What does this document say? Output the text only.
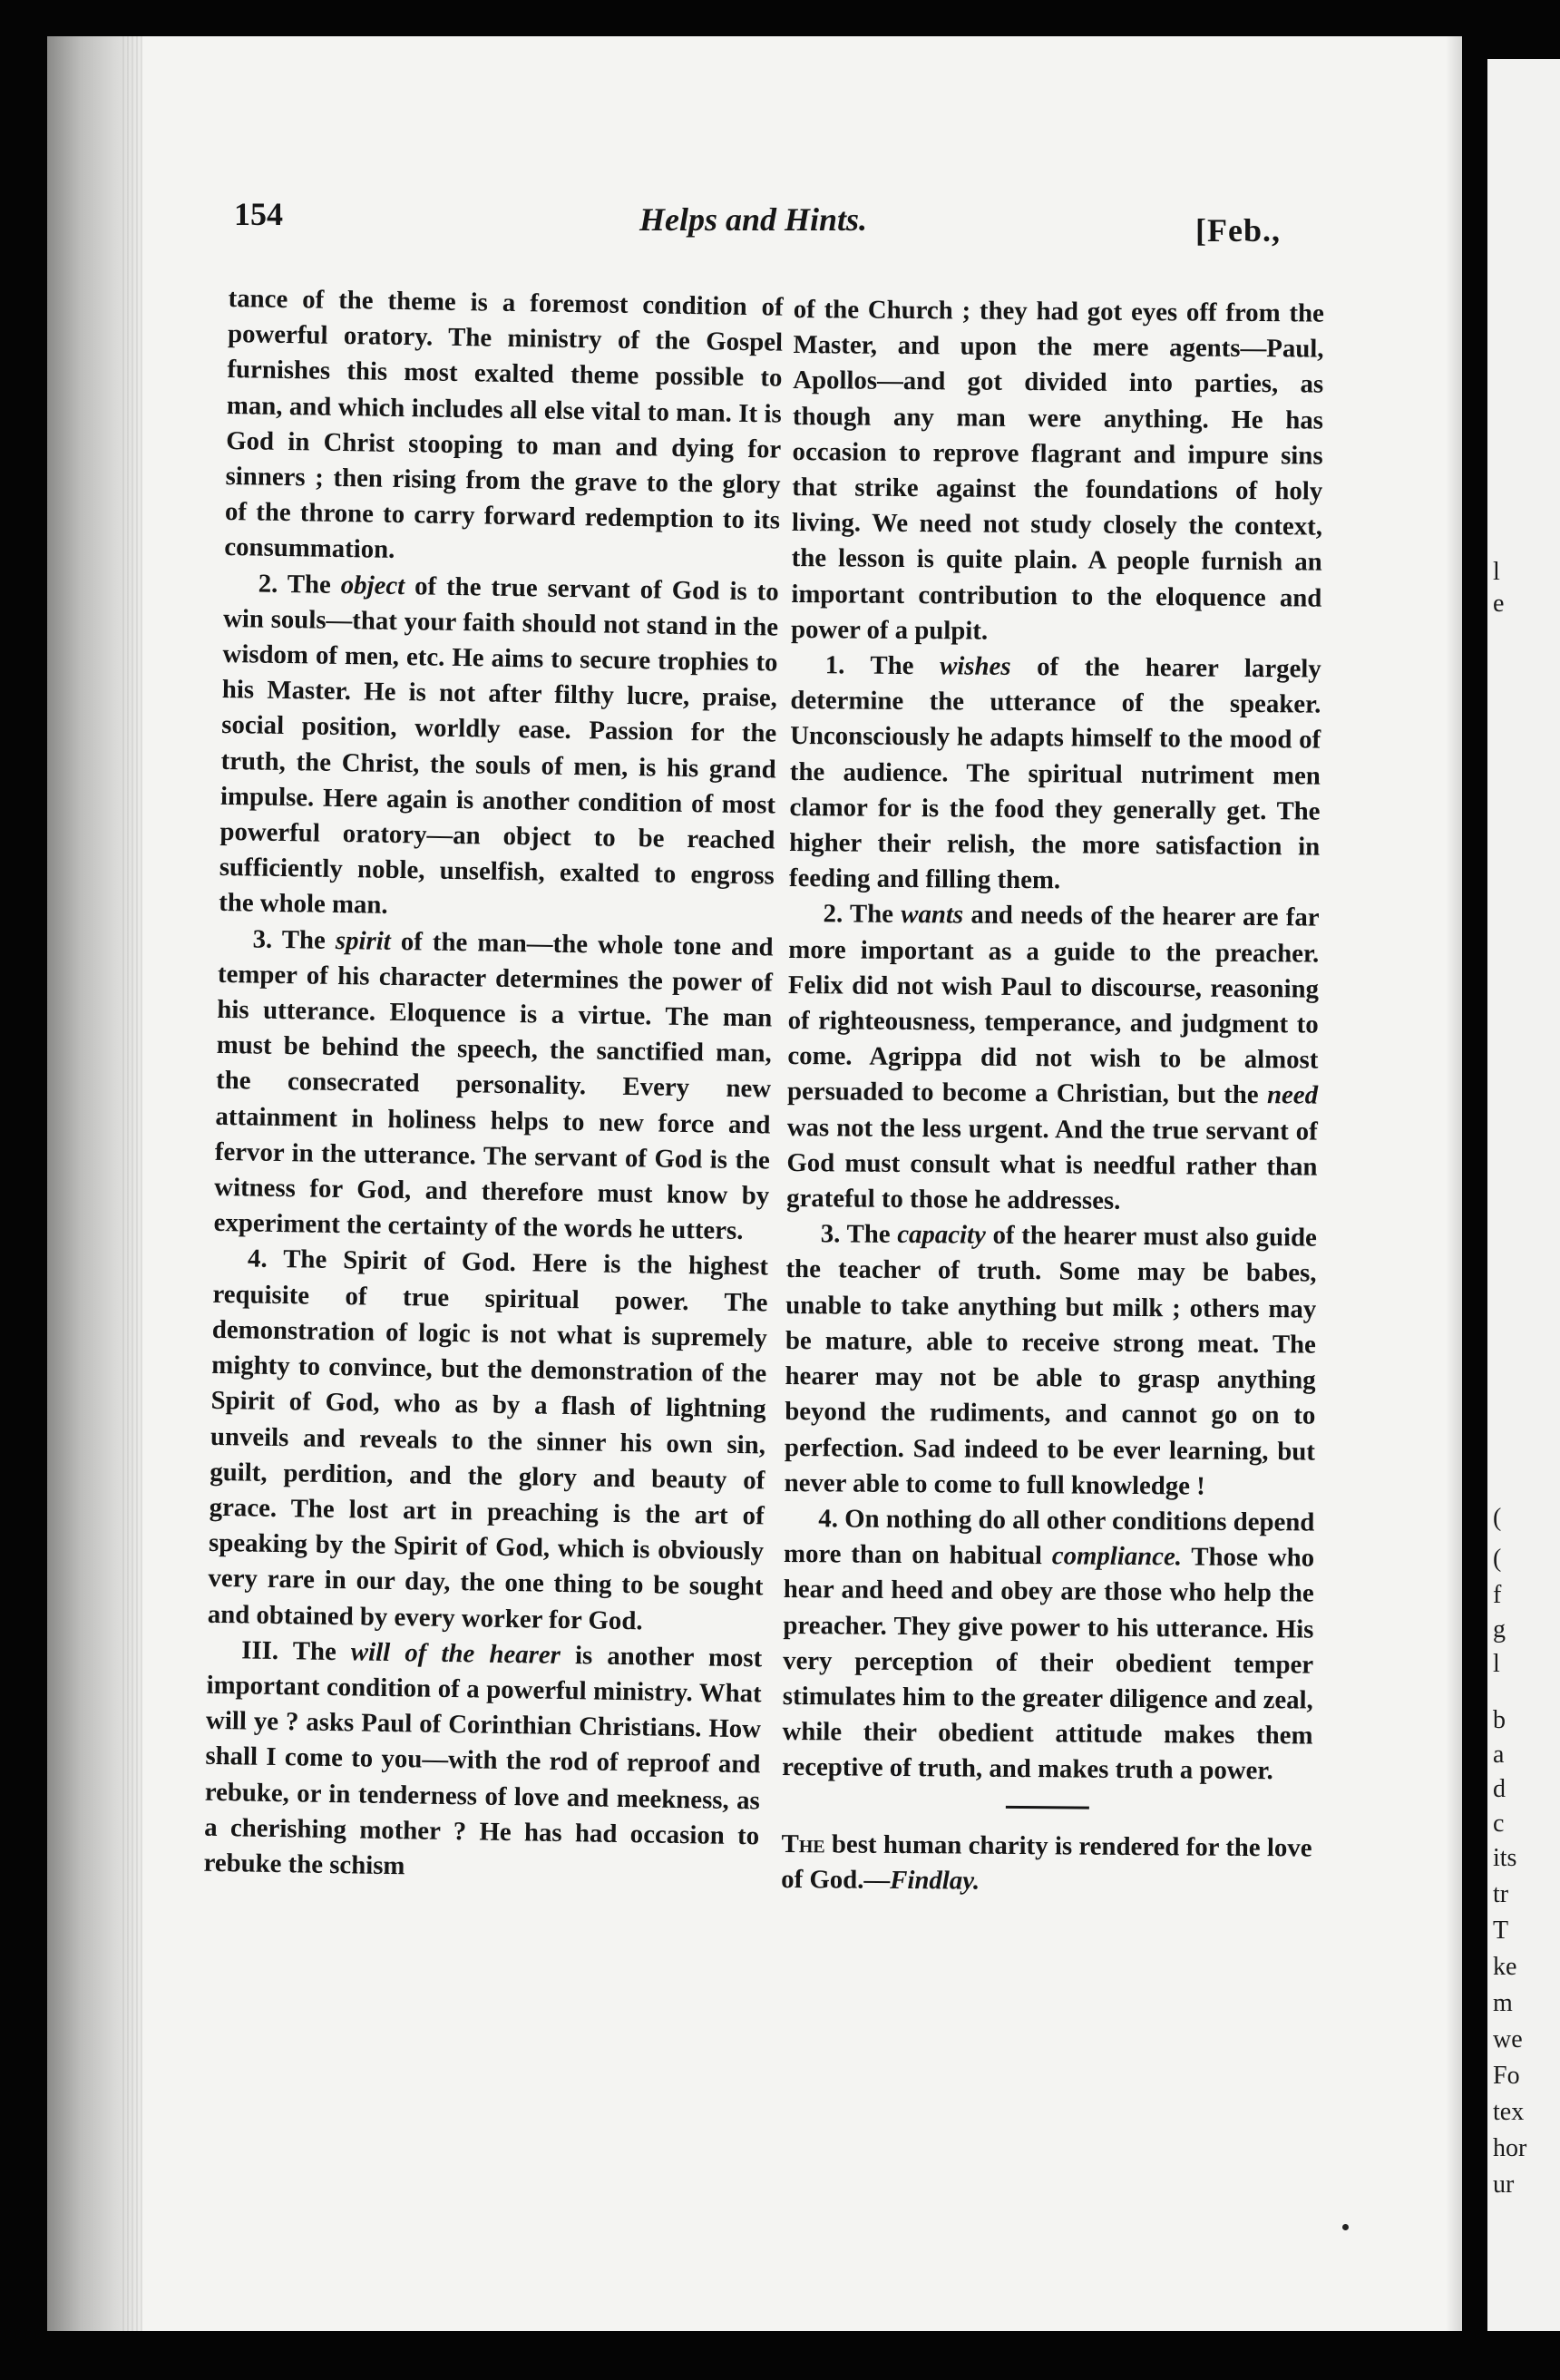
l
e
(
(
f
g
l
b
a
d
c
its
tr
T
ke
m
we
Fo
tex
hor
ur
154	Helps and Hints.	[Feb.,

tance of the theme is a foremost condition of powerful oratory. The ministry of the Gospel furnishes this most exalted theme possible to man, and which includes all else vital to man. It is God in Christ stooping to man and dying for sinners ; then rising from the grave to the glory of the throne to carry forward redemption to its consummation.

2. The object of the true servant of God is to win souls—that your faith should not stand in the wisdom of men, etc. He aims to secure trophies to his Master. He is not after filthy lucre, praise, social position, worldly ease. Passion for the truth, the Christ, the souls of men, is his grand impulse. Here again is another condition of most powerful oratory—an object to be reached sufficiently noble, unselfish, exalted to engross the whole man.

3. The spirit of the man—the whole tone and temper of his character determines the power of his utterance. Eloquence is a virtue. The man must be behind the speech, the sanctified man, the consecrated personality. Every new attainment in holiness helps to new force and fervor in the utterance. The servant of God is the witness for God, and therefore must know by experiment the certainty of the words he utters.

4. The Spirit of God. Here is the highest requisite of true spiritual power. The demonstration of logic is not what is supremely mighty to convince, but the demonstration of the Spirit of God, who as by a flash of lightning unveils and reveals to the sinner his own sin, guilt, perdition, and the glory and beauty of grace. The lost art in preaching is the art of speaking by the Spirit of God, which is obviously very rare in our day, the one thing to be sought and obtained by every worker for God.

III. The will of the hearer is another most important condition of a powerful ministry. What will ye ? asks Paul of Corinthian Christians. How shall I come to you—with the rod of reproof and rebuke, or in tenderness of love and meekness, as a cherishing mother ? He has had occasion to rebuke the schism

of the Church ; they had got eyes off from the Master, and upon the mere agents—Paul, Apollos—and got divided into parties, as though any man were anything. He has occasion to reprove flagrant and impure sins that strike against the foundations of holy living. We need not study closely the context, the lesson is quite plain. A people furnish an important contribution to the eloquence and power of a pulpit.

1. The wishes of the hearer largely determine the utterance of the speaker. Unconsciously he adapts himself to the mood of the audience. The spiritual nutriment men clamor for is the food they generally get. The higher their relish, the more satisfaction in feeding and filling them.

2. The wants and needs of the hearer are far more important as a guide to the preacher. Felix did not wish Paul to discourse, reasoning of righteousness, temperance, and judgment to come. Agrippa did not wish to be almost persuaded to become a Christian, but the need was not the less urgent. And the true servant of God must consult what is needful rather than grateful to those he addresses.

3. The capacity of the hearer must also guide the teacher of truth. Some may be babes, unable to take anything but milk ; others may be mature, able to receive strong meat. The hearer may not be able to grasp anything beyond the rudiments, and cannot go on to perfection. Sad indeed to be ever learning, but never able to come to full knowledge !

4. On nothing do all other conditions depend more than on habitual compliance. Those who hear and heed and obey are those who help the preacher. They give power to his utterance. His very perception of their obedient temper stimulates him to the greater diligence and zeal, while their obedient attitude makes them receptive of truth, and makes truth a power.

The best human charity is rendered for the love of God.—Findlay.
